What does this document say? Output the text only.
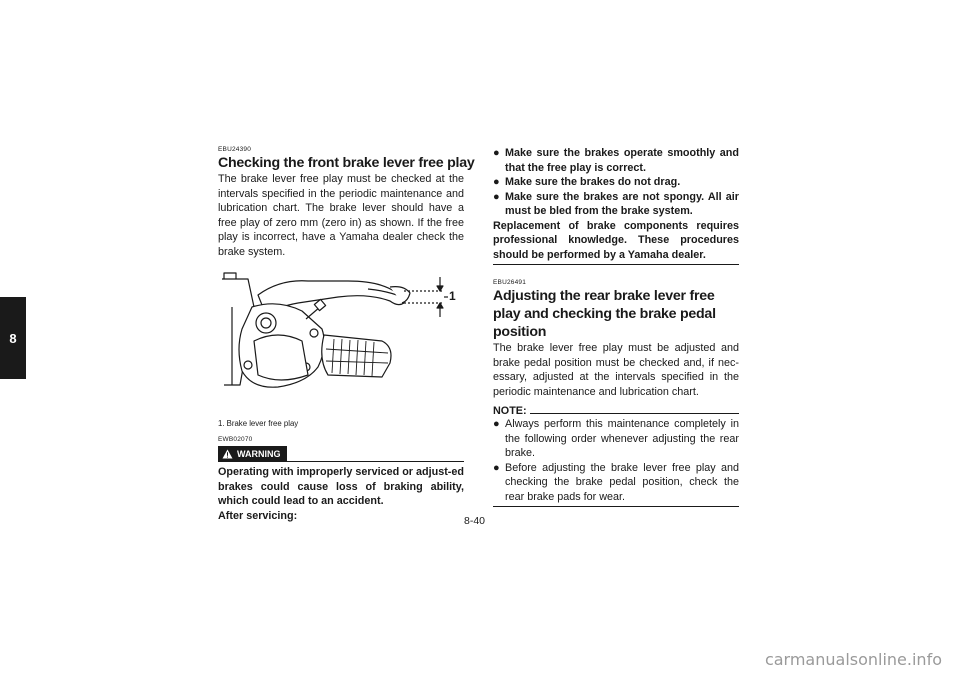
8

EBU24390

Checking the front brake lever free play

The brake lever free play must be checked at the intervals specified in the periodic maintenance and lubrication chart. The brake lever should have a free play of zero mm (zero in) as shown. If the free play is incorrect, have a Yamaha dealer check the brake system.

1

1. Brake lever free play

EWB02070

WARNING

Operating with improperly serviced or adjust-ed brakes could cause loss of braking ability, which could lead to an accident.

After servicing:

● Make sure the brakes operate smoothly and that the free play is correct.
● Make sure the brakes do not drag.
● Make sure the brakes are not spongy. All air must be bled from the brake system.

Replacement of brake components requires professional knowledge. These procedures should be performed by a Yamaha dealer.

EBU26491

Adjusting the rear brake lever free play and checking the brake pedal position

The brake lever free play must be adjusted and brake pedal position must be checked and, if nec-essary, adjusted at the intervals specified in the periodic maintenance and lubrication chart.

NOTE:
● Always perform this maintenance completely in the following order whenever adjusting the rear brake.
● Before adjusting the brake lever free play and checking the brake pedal position, check the rear brake pads for wear.
8-40
carmanualsonline.info
